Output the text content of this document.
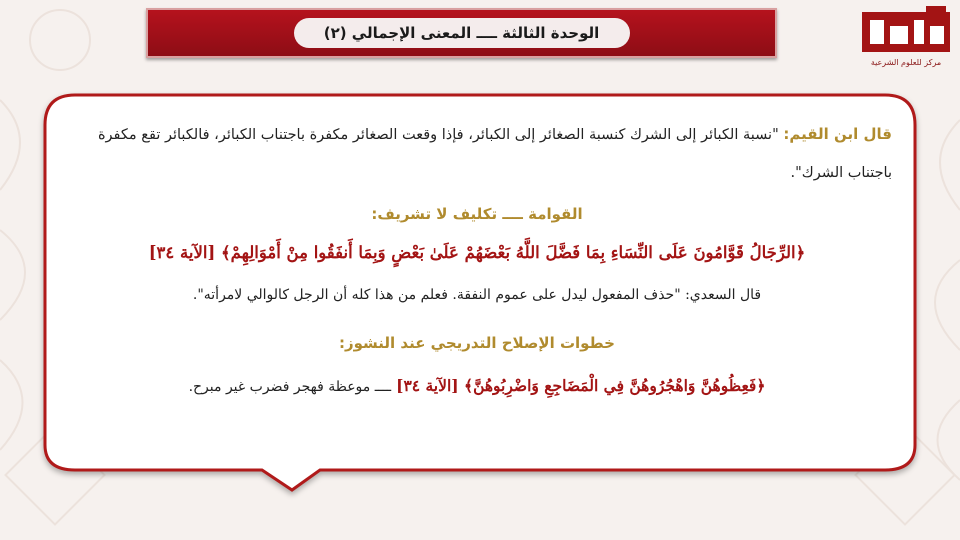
الوحدة الثالثة ــــ المعنى الإجمالي (٢)
مركز للعلوم الشرعية
قال ابن القيم: "نسبة الكبائر إلى الشرك كنسبة الصغائر إلى الكبائر، فإذا وقعت الصغائر مكفرة باجتناب الكبائر، فالكبائر تقع مكفرة باجتناب الشرك".
القوامة ــــ تكليف لا تشريف:
﴿الرِّجَالُ قَوَّامُونَ عَلَى النِّسَاءِ بِمَا فَضَّلَ اللَّهُ بَعْضَهُمْ عَلَىٰ بَعْضٍ وَبِمَا أَنفَقُوا مِنْ أَمْوَالِهِمْ﴾ [الآية ٣٤]
قال السعدي: "حذف المفعول ليدل على عموم النفقة. فعلم من هذا كله أن الرجل كالوالي لامرأته".
خطوات الإصلاح التدريجي عند النشوز:
﴿فَعِظُوهُنَّ وَاهْجُرُوهُنَّ فِي الْمَضَاجِعِ وَاضْرِبُوهُنَّ﴾ [الآية ٣٤] ــــ موعظة فهجر فضرب غير مبرح.
